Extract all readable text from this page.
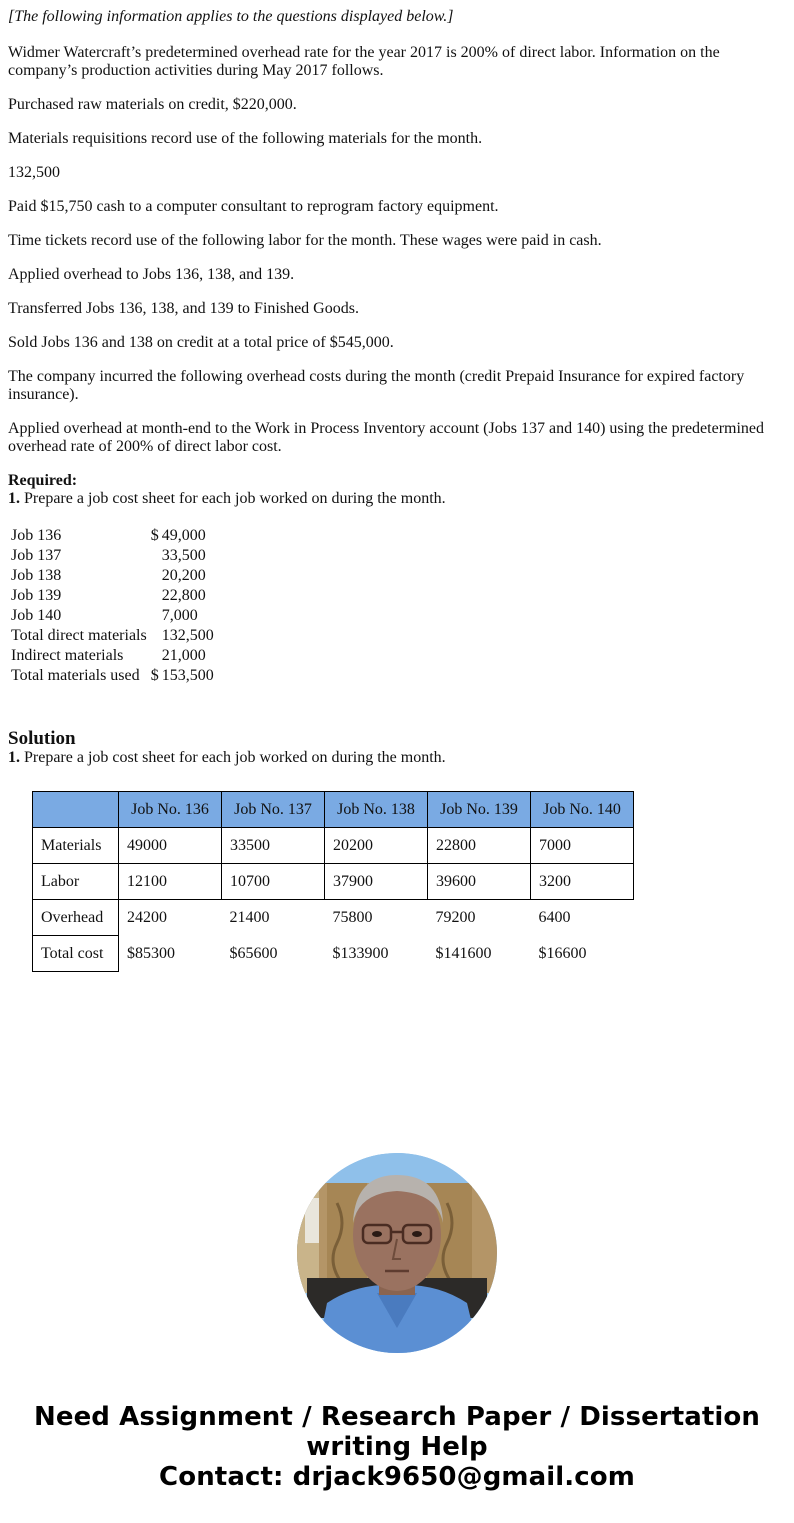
[The following information applies to the questions displayed below.]

Widmer Watercraft’s predetermined overhead rate for the year 2017 is 200% of direct labor. Information on the company’s production activities during May 2017 follows.

Purchased raw materials on credit, $220,000.

Materials requisitions record use of the following materials for the month.

132,500

Paid $15,750 cash to a computer consultant to reprogram factory equipment.

Time tickets record use of the following labor for the month. These wages were paid in cash.

Applied overhead to Jobs 136, 138, and 139.

Transferred Jobs 136, 138, and 139 to Finished Goods.

Sold Jobs 136 and 138 on credit at a total price of $545,000.

The company incurred the following overhead costs during the month (credit Prepaid Insurance for expired factory insurance).

Applied overhead at month-end to the Work in Process Inventory account (Jobs 137 and 140) using the predetermined overhead rate of 200% of direct labor cost.

Required:

1. Prepare a job cost sheet for each job worked on during the month.

Job 136	$	49,000
Job 137		33,500
Job 138		20,200
Job 139		22,800
Job 140		7,000
Total direct materials		132,500
Indirect materials		21,000
Total materials used	$	153,500
Solution

1. Prepare a job cost sheet for each job worked on during the month.

	Job No. 136	Job No. 137	Job No. 138	Job No. 139	Job No. 140
Materials	49000	33500	20200	22800	7000
Labor	12100	10700	37900	39600	3200
Overhead	24200	21400	75800	79200	6400
Total cost	$85300	$65600	$133900	$141600	$16600
Need Assignment / Research Paper / Dissertation
writing Help
Contact: drjack9650@gmail.com
